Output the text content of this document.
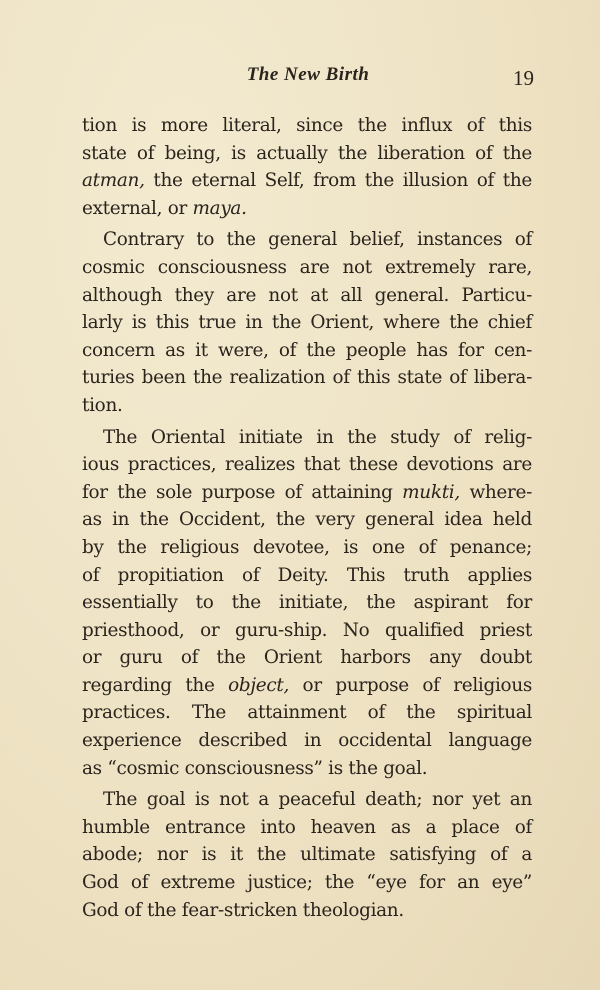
The New Birth	19
tion is more literal, since the influx of this
state of being, is actually the liberation of the
atman, the eternal Self, from the illusion of the
external, or maya.
Contrary to the general belief, instances of
cosmic consciousness are not extremely rare,
although they are not at all general. Particu-
larly is this true in the Orient, where the chief
concern as it were, of the people has for cen-
turies been the realization of this state of libera-
tion.
The Oriental initiate in the study of relig-
ious practices, realizes that these devotions are
for the sole purpose of attaining mukti, where-
as in the Occident, the very general idea held
by the religious devotee, is one of penance;
of propitiation of Deity. This truth applies
essentially to the initiate, the aspirant for
priesthood, or guru-ship. No qualified priest
or guru of the Orient harbors any doubt
regarding the object, or purpose of religious
practices. The attainment of the spiritual
experience described in occidental language
as “cosmic consciousness” is the goal.
The goal is not a peaceful death; nor yet an
humble entrance into heaven as a place of
abode; nor is it the ultimate satisfying of a
God of extreme justice; the “eye for an eye”
God of the fear-stricken theologian.
